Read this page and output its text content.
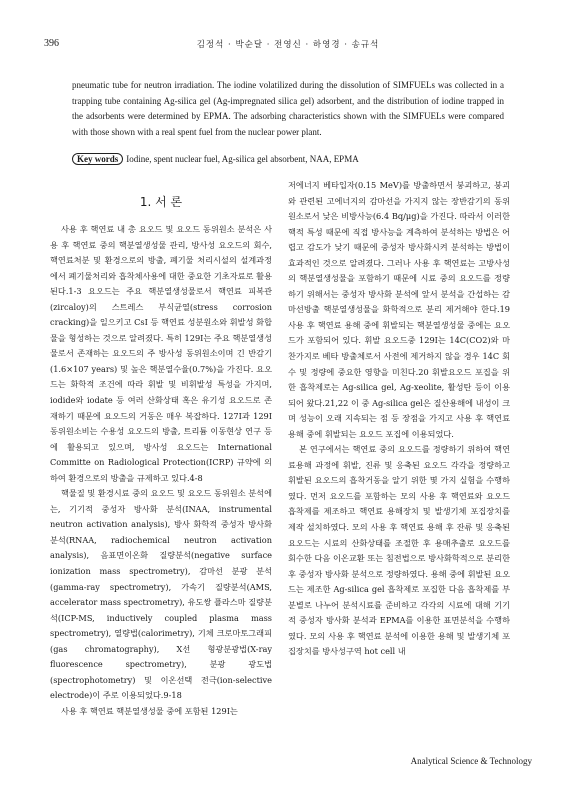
396	김정석 · 박순달 · 전영신 · 하영경 · 송규석

pneumatic tube for neutron irradiation. The iodine volatilized during the dissolution of SIMFUELs was collected in a trapping tube containing Ag-silica gel (Ag-impregnated silica gel) adsorbent, and the distribution of iodine trapped in the adsorbents were determined by EPMA. The adsorbing characteristics shown with the SIMFUELs were compared with those shown with a real spent fuel from the nuclear power plant.

Key words Iodine, spent nuclear fuel, Ag-silica gel absorbent, NAA, EPMA
1. 서 론

사용 후 핵연료 내 총 요오드 및 요오드 동위원소 분석은 사용 후 핵연료 중의 핵분열생성물 관리, 방사성 요오드의 회수, 핵연료처분 및 환경으로의 방출, 폐기물 처리시설의 설계과정에서 폐기물처리와 흡착체사용에 대한 중요한 기초자료로 활용된다.1-3 요오드는 주요 핵분열생성물로서 핵연료 피복관(zircaloy)의 스트레스 부식균열(stress corrosion cracking)을 일으키고 CsI 등 핵연료 성분원소와 휘발성 화합물을 형성하는 것으로 알려졌다. 특히 129I는 주요 핵분열생성물로서 존재하는 요오드의 주 방사성 동위원소이며 긴 반감기(1.6×107 years) 및 높은 핵분열수율(0.7%)을 가진다. 요오드는 화학적 조건에 따라 휘발 및 비휘발성 특성을 가지며, iodide와 iodate 등 여러 산화상태 혹은 유기성 요오드로 존재하기 때문에 요오드의 거동은 매우 복잡하다. 127I과 129I 동위원소비는 수용성 요오드의 방출, 트리튬 이동현상 연구 등에 활용되고 있으며, 방사성 요오드는 International Committe on Radiological Protection(ICRP) 규약에 의하여 환경으로의 방출을 규제하고 있다.4-8

핵물질 및 환경시료 중의 요오드 및 요오드 동위원소 분석에는, 기기적 중성자 방사화 분석(INAA, instrumental neutron activation analysis), 방사 화학적 중성자 방사화 분석(RNAA, radiochemical neutron activation analysis), 음표면이온화 질량분석(negative surface ionization mass spectrometry), 감마선 분광 분석(gamma-ray spectrometry), 가속기 질량분석(AMS, accelerator mass spectrometry), 유도쌍 플라스마 질량분석(ICP-MS, inductively coupled plasma mass spectrometry), 열량법(calorimetry), 기체 크로마토그래피(gas chromatography), X선 형광분광법(X-ray fluorescence spectrometry), 분광 광도법(spectrophotometry) 및 이온선택 전극(ion-selective electrode)이 주로 이용되었다.9-18

사용 후 핵연료 핵분열생성물 중에 포함된 129I는

저에너지 베타입자(0.15 MeV)를 방출하면서 붕괴하고, 붕괴와 관련된 고에너지의 감마선을 가지지 않는 장반감기의 동위원소로서 낮은 비방사능(6.4 Bq/μg)을 가진다. 따라서 이러한 핵적 특성 때문에 직접 방사능을 계측하여 분석하는 방법은 어렵고 감도가 낮기 때문에 중성자 방사화시켜 분석하는 방법이 효과적인 것으로 알려졌다. 그러나 사용 후 핵연료는 고방사성의 핵분열생성물을 포함하기 때문에 시료 중의 요오드를 정량하기 위해서는 중성자 방사화 분석에 앞서 분석을 간섭하는 감마선방출 핵분열생성물을 화학적으로 분리 제거해야 한다.19 사용 후 핵연료 용해 중에 휘발되는 핵분열생성물 중에는 요오드가 포함되어 있다. 휘발 요오드중 129I는 14C(CO2)와 마찬가지로 베타 방출체로서 사전에 제거하지 않을 경우 14C 회수 및 정량에 중요한 영향을 미친다.20 휘발요오드 포집을 위한 흡착제로는 Ag-silica gel, Ag-xeolite, 활성탄 등이 이용되어 왔다.21,22 이 중 Ag-silica gel은 질산용해에 내성이 크며 성능이 오래 지속되는 점 등 장점을 가지고 사용 후 핵연료 용해 중에 휘발되는 요오드 포집에 이용되었다.

본 연구에서는 핵연료 중의 요오드를 정량하기 위하여 핵연료용해 과정에 휘발, 진류 및 응축된 요오드 각각을 정량하고 휘발된 요오드의 흡착거동을 알기 위한 몇 가지 실험을 수행하였다. 먼저 요오드를 포함하는 모의 사용 후 핵연료와 요오드 흡착제를 제조하고 핵연료 용해장치 및 발생기체 포집장치를 제작 설치하였다. 모의 사용 후 핵연료 용해 후 잔류 및 응축된 요오드는 시료의 산화상태를 조절한 후 용매추출로 요오드를 회수한 다음 이온교환 또는 침전법으로 방사화학적으로 분리한 후 중성자 방사화 분석으로 정량하였다. 용해 중에 휘발된 요오드는 제조한 Ag-silica gel 흡착제로 포집한 다음 흡착제를 부분별로 나누어 분석시료를 준비하고 각각의 시료에 대해 기기적 중성자 방사화 분석과 EPMA를 이용한 표면분석을 수행하였다. 모의 사용 후 핵연료 분석에 이용한 용해 및 발생기체 포집장치를 방사성구역 hot cell 내

Analytical Science & Technology
